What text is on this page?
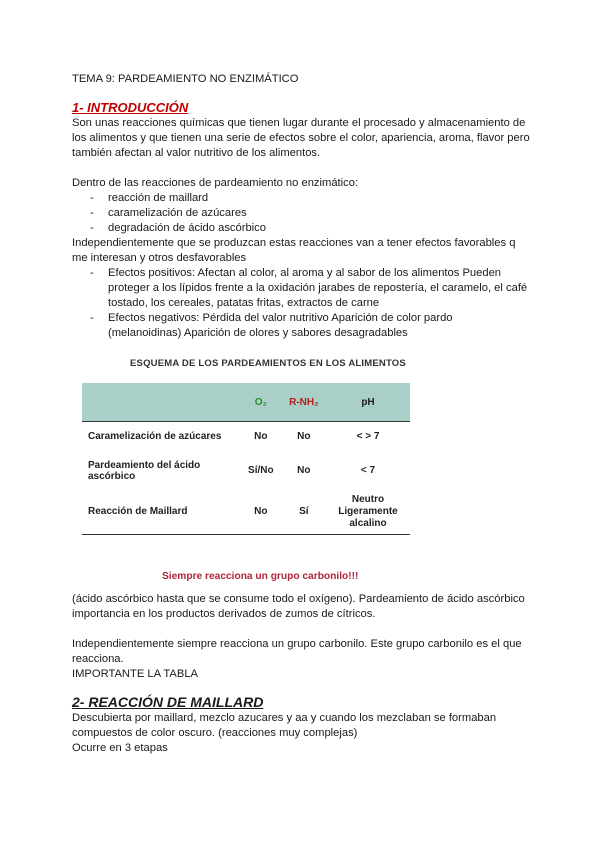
TEMA 9: PARDEAMIENTO NO ENZIMÁTICO
1- INTRODUCCIÓN
Son unas reacciones químicas que tienen lugar durante el procesado y almacenamiento de
los alimentos y que tienen una serie de efectos sobre el color, apariencia, aroma, flavor pero
también afectan al valor nutritivo de los alimentos.
Dentro de las reacciones de pardeamiento no enzimático:
- reacción de maillard
- caramelización de azúcares
- degradación de ácido ascórbico
Independientemente que se produzcan estas reacciones van a tener efectos favorables q
me interesan y otros desfavorables
- Efectos positivos: Afectan al color, al aroma y al sabor de los alimentos Pueden
proteger a los lípidos frente a la oxidación jarabes de repostería, el caramelo, el café
tostado, los cereales, patatas fritas, extractos de carne
- Efectos negativos: Pérdida del valor nutritivo Aparición de color pardo
(melanoidinas) Aparición de olores y sabores desagradables
ESQUEMA DE LOS PARDEAMIENTOS EN LOS ALIMENTOS
	O₂	R-NH₂	pH
Caramelización de azúcares	No	No	< > 7
Pardeamiento del ácido ascórbico	Sí/No	No	< 7
Reacción de Maillard	No	Sí	Neutro Ligeramente alcalino
Siempre reacciona un grupo carbonilo!!!
(ácido ascórbico hasta que se consume todo el oxígeno). Pardeamiento de ácido ascórbico
importancia en los productos derivados de zumos de cítricos.
Independientemente siempre reacciona un grupo carbonilo. Este grupo carbonilo es el que
reacciona.
IMPORTANTE LA TABLA
2- REACCIÓN DE MAILLARD
Descubierta por maillard, mezclo azucares y aa y cuando los mezclaban se formaban
compuestos de color oscuro. (reacciones muy complejas)
Ocurre en 3 etapas
